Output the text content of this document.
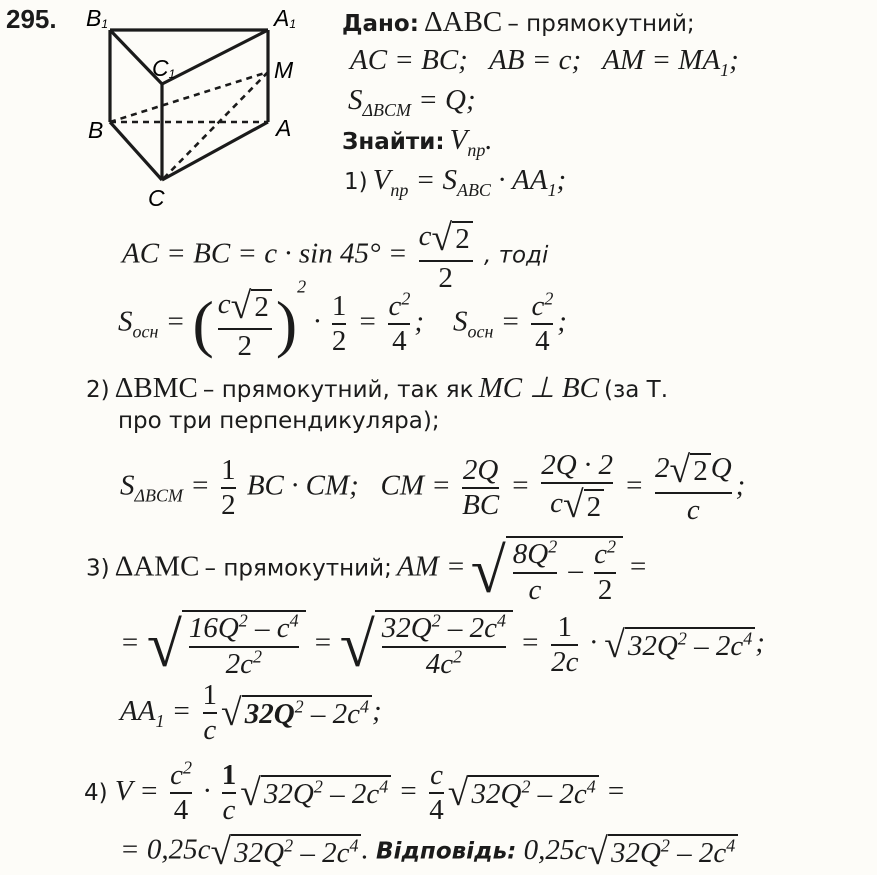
295. B1	A1
C1	M
B	A
C
Дано: ΔABC – прямокутний;
AC = BC; AB = c; AM = $MA_1$;
$S_{\Delta BCM} = Q$;
Знайти: $V_{пр}$.
1) $V_{пр} = S_{ABC} \cdot AA_1$;
AC = BC = $c \cdot \sin 45^\circ = \frac{c√ 2}{2}$ , тоді
$S_{осн}$ = ( $\frac{c√ 2}{2} )^2 \cdot \frac{1}{2} = \frac{c^2}{4}$ ; $S_{осн} = \frac{c^2}{4}$ ;
2) ΔBMC – прямокутний, так як MC ⊥ BC (за Т.
про три перпендикуляра);
$S_{\Delta BCM} = \frac{1}{2}$ BC · CM; CM = $\frac{2Q}{BC} = \frac{2Q \cdot 2}{c√ 2} = \frac{2√ 2 Q}{c}$ ;
3) ΔAMC – прямокутний; AM = √ $\frac{8Q^2}{c} - \frac{c^2}{2}$ =
= √ $\frac{16Q^2 - c^4}{2c^2}$ = √ $\frac{32Q^2 - 2c^4}{4c^2} = \frac{1}{2c}$ · √ $32Q^2 - 2c^4$ ;
$AA_1 = \frac{1}{c}$ √ $32Q^2 - 2c^4$ ;
4) $V = \frac{c^2}{4} \cdot \frac{1}{c}$ √ $32Q^2 - 2c^4 = \frac{c}{4}$ √ $32Q^2 - 2c^4$ =
= 0,25c√ $32Q^2 - 2c^4$ . Відповідь: 0,25c√ $32Q^2 - 2c^4$
